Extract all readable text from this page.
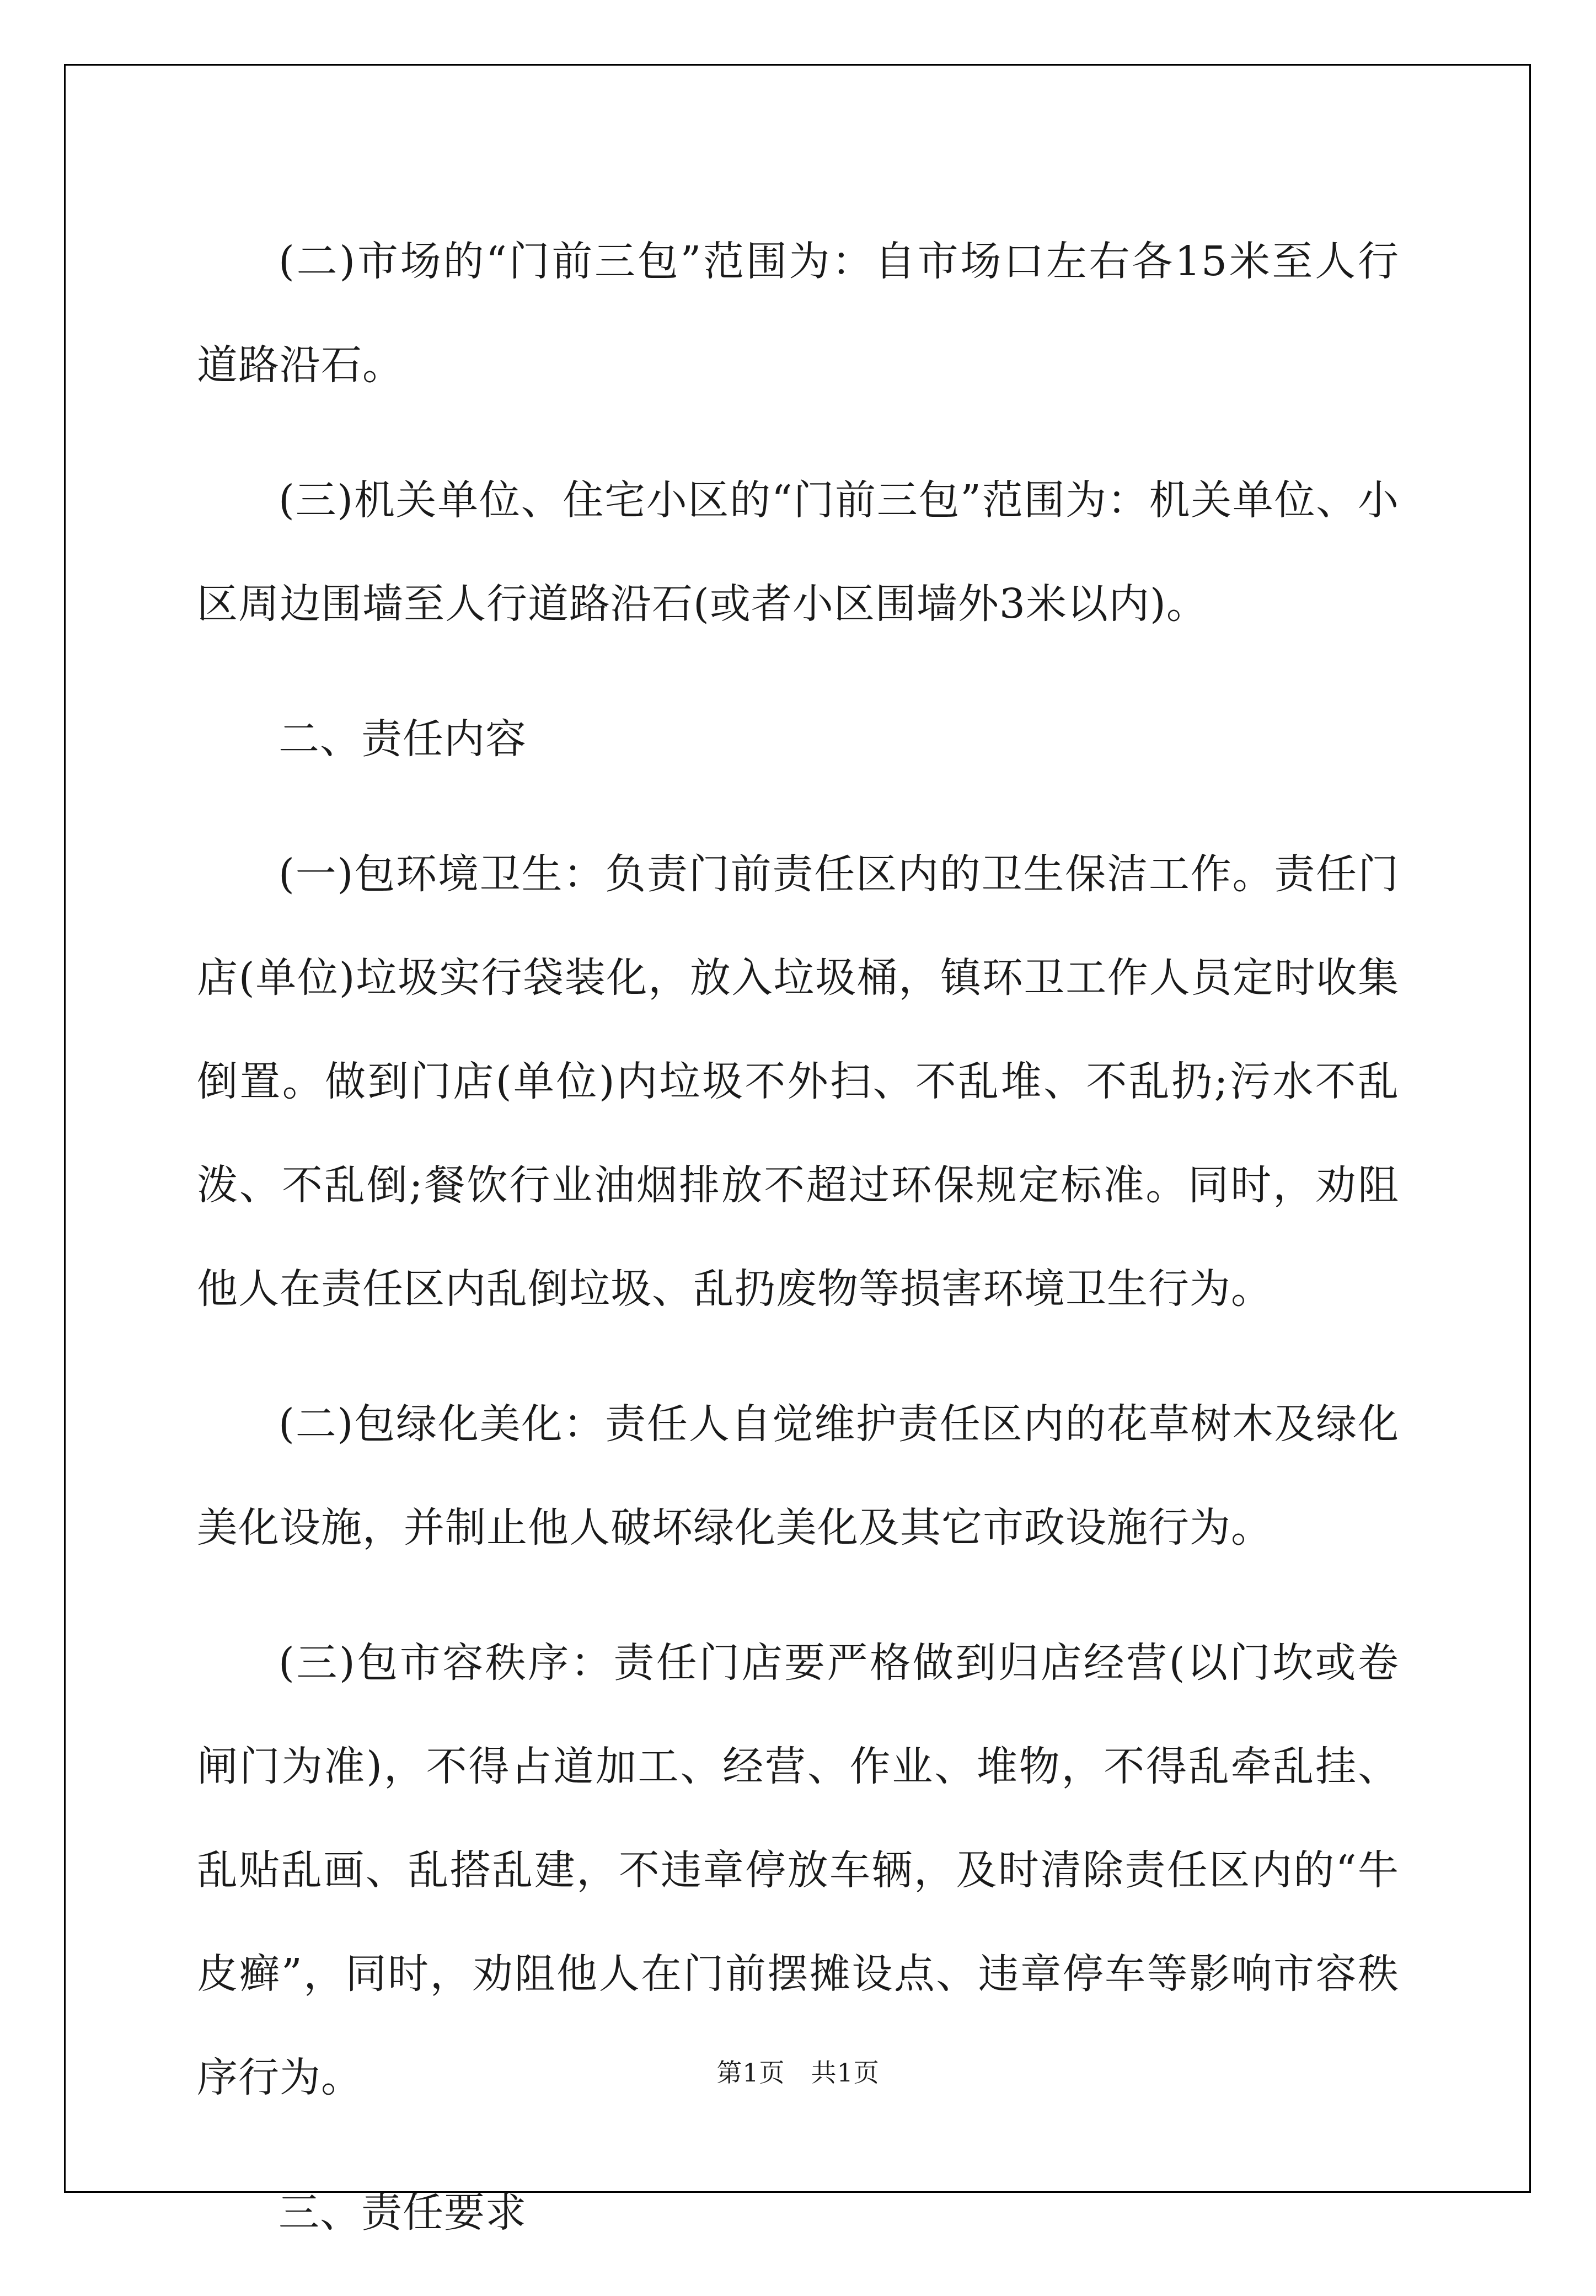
(二)市场的“门前三包”范围为：自市场口左右各15米至人行道路沿石。

(三)机关单位、住宅小区的“门前三包”范围为：机关单位、小区周边围墙至人行道路沿石(或者小区围墙外3米以内)。

二、责任内容

(一)包环境卫生：负责门前责任区内的卫生保洁工作。责任门店(单位)垃圾实行袋装化，放入垃圾桶，镇环卫工作人员定时收集倒置。做到门店(单位)内垃圾不外扫、不乱堆、不乱扔;污水不乱泼、不乱倒;餐饮行业油烟排放不超过环保规定标准。同时，劝阻他人在责任区内乱倒垃圾、乱扔废物等损害环境卫生行为。

(二)包绿化美化：责任人自觉维护责任区内的花草树木及绿化美化设施，并制止他人破坏绿化美化及其它市政设施行为。

(三)包市容秩序：责任门店要严格做到归店经营(以门坎或卷闸门为准)，不得占道加工、经营、作业、堆物，不得乱牵乱挂、乱贴乱画、乱搭乱建，不违章停放车辆，及时清除责任区内的“牛皮癣”，同时，劝阻他人在门前摆摊设点、违章停车等影响市容秩序行为。

三、责任要求

第1页　共1页
